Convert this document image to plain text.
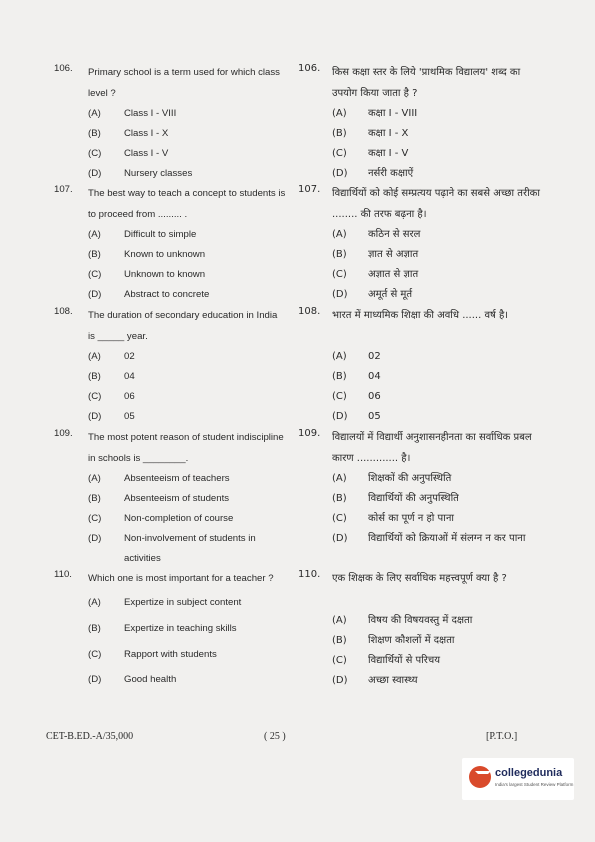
106. Primary school is a term used for which class level ?
(A) Class I - VIII
(B) Class I - X
(C) Class I - V
(D) Nursery classes
107. The best way to teach a concept to students is to proceed from ......... .
(A) Difficult to simple
(B) Known to unknown
(C) Unknown to known
(D) Abstract to concrete
108. The duration of secondary education in India is _____ year.
(A) 02
(B) 04
(C) 06
(D) 05
109. The most potent reason of student indiscipline in schools is ________.
(A) Absenteeism of teachers
(B) Absenteeism of students
(C) Non-completion of course
(D) Non-involvement of students in activities
110. Which one is most important for a teacher ?
(A) Expertize in subject content
(B) Expertize in teaching skills
(C) Rapport with students
(D) Good health
106. किस कक्षा स्तर के लिये 'प्राथमिक विद्यालय' शब्द का उपयोग किया जाता है ?
(A) कक्षा I - VIII
(B) कक्षा I - X
(C) कक्षा I - V
(D) नर्सरी कक्षाऐं
107. विद्यार्थियों को कोई सम्प्रत्यय पढ़ाने का सबसे अच्छा तरीका ........ की तरफ बढ़ना है।
(A) कठिन से सरल
(B) ज्ञात से अज्ञात
(C) अज्ञात से ज्ञात
(D) अमूर्त से मूर्त
108. भारत में माध्यमिक शिक्षा की अवधि ...... वर्ष है।
(A) 02
(B) 04
(C) 06
(D) 05
109. विद्यालयों में विद्यार्थी अनुशासनहीनता का सर्वाधिक प्रबल कारण ............. है।
(A) शिक्षकों की अनुपस्थिति
(B) विद्यार्थियों की अनुपस्थिति
(C) कोर्स का पूर्ण न हो पाना
(D) विद्यार्थियों को क्रियाओं में संलग्न न कर पाना
110. एक शिक्षक के लिए सर्वाधिक महत्त्वपूर्ण क्या है ?
(A) विषय की विषयवस्तु में दक्षता
(B) शिक्षण कौशलों में दक्षता
(C) विद्यार्थियों से परिचय
(D) अच्छा स्वास्थ्य
CET-B.ED.-A/35,000	( 25 )	[P.T.O.]
collegedunia
India's largest Student Review Platform
